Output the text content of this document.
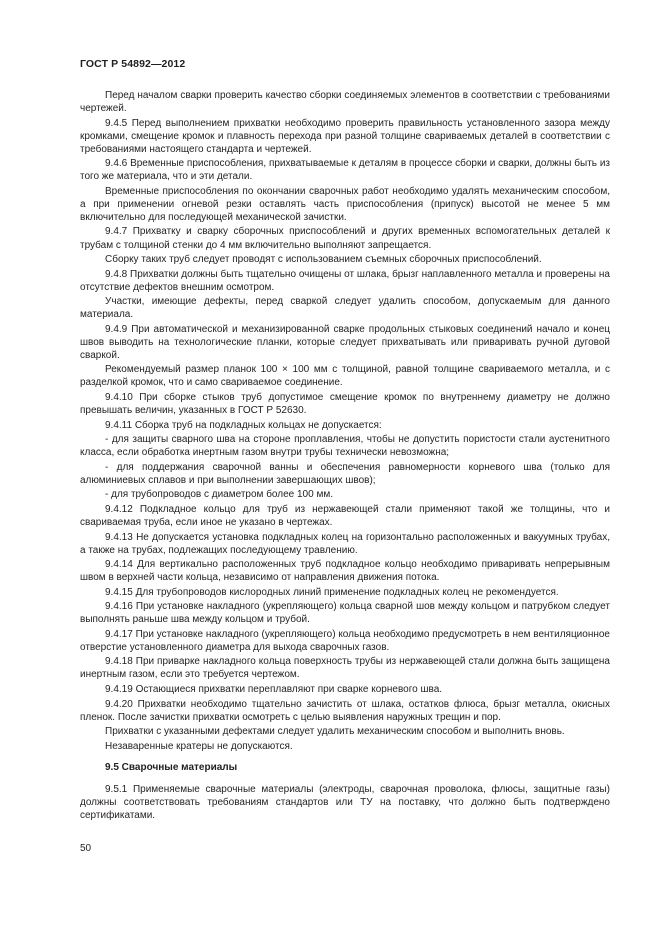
ГОСТ Р 54892—2012

Перед началом сварки проверить качество сборки соединяемых элементов в соответствии с требованиями чертежей.

9.4.5 Перед выполнением прихватки необходимо проверить правильность установленного зазора между кромками, смещение кромок и плавность перехода при разной толщине свариваемых деталей в соответствии с требованиями настоящего стандарта и чертежей.

9.4.6 Временные приспособления, прихватываемые к деталям в процессе сборки и сварки, должны быть из того же материала, что и эти детали.

Временные приспособления по окончании сварочных работ необходимо удалять механическим способом, а при применении огневой резки оставлять часть приспособления (припуск) высотой не менее 5 мм включительно для последующей механической зачистки.

9.4.7 Прихватку и сварку сборочных приспособлений и других временных вспомогательных деталей к трубам с толщиной стенки до 4 мм включительно выполняют запрещается.

Сборку таких труб следует проводят с использованием съемных сборочных приспособлений.

9.4.8 Прихватки должны быть тщательно очищены от шлака, брызг наплавленного металла и проверены на отсутствие дефектов внешним осмотром.

Участки, имеющие дефекты, перед сваркой следует удалить способом, допускаемым для данного материала.

9.4.9 При автоматической и механизированной сварке продольных стыковых соединений начало и конец швов выводить на технологические планки, которые следует прихватывать или приваривать ручной дуговой сваркой.

Рекомендуемый размер планок 100 × 100 мм с толщиной, равной толщине свариваемого металла, и с разделкой кромок, что и само свариваемое соединение.

9.4.10 При сборке стыков труб допустимое смещение кромок по внутреннему диаметру не должно превышать величин, указанных в ГОСТ Р 52630.

9.4.11 Сборка труб на подкладных кольцах не допускается:

- для защиты сварного шва на стороне проплавления, чтобы не допустить пористости стали аустенитного класса, если обработка инертным газом внутри трубы технически невозможна;

- для поддержания сварочной ванны и обеспечения равномерности корневого шва (только для алюминиевых сплавов и при выполнении завершающих швов);

- для трубопроводов с диаметром более 100 мм.

9.4.12 Подкладное кольцо для труб из нержавеющей стали применяют такой же толщины, что и свариваемая труба, если иное не указано в чертежах.

9.4.13 Не допускается установка подкладных колец на горизонтально расположенных и вакуумных трубах, а также на трубах, подлежащих последующему травлению.

9.4.14 Для вертикально расположенных труб подкладное кольцо необходимо приваривать непрерывным швом в верхней части кольца, независимо от направления движения потока.

9.4.15 Для трубопроводов кислородных линий применение подкладных колец не рекомендуется.

9.4.16 При установке накладного (укрепляющего) кольца сварной шов между кольцом и патрубком следует выполнять раньше шва между кольцом и трубой.

9.4.17 При установке накладного (укрепляющего) кольца необходимо предусмотреть в нем вентиляционное отверстие установленного диаметра для выхода сварочных газов.

9.4.18 При приварке накладного кольца поверхность трубы из нержавеющей стали должна быть защищена инертным газом, если это требуется чертежом.

9.4.19 Остающиеся прихватки переплавляют при сварке корневого шва.

9.4.20 Прихватки необходимо тщательно зачистить от шлака, остатков флюса, брызг металла, окисных пленок. После зачистки прихватки осмотреть с целью выявления наружных трещин и пор.

Прихватки с указанными дефектами следует удалить механическим способом и выполнить вновь.

Незаваренные кратеры не допускаются.

9.5 Сварочные материалы

9.5.1 Применяемые сварочные материалы (электроды, сварочная проволока, флюсы, защитные газы) должны соответствовать требованиям стандартов или ТУ на поставку, что должно быть подтверждено сертификатами.

50
